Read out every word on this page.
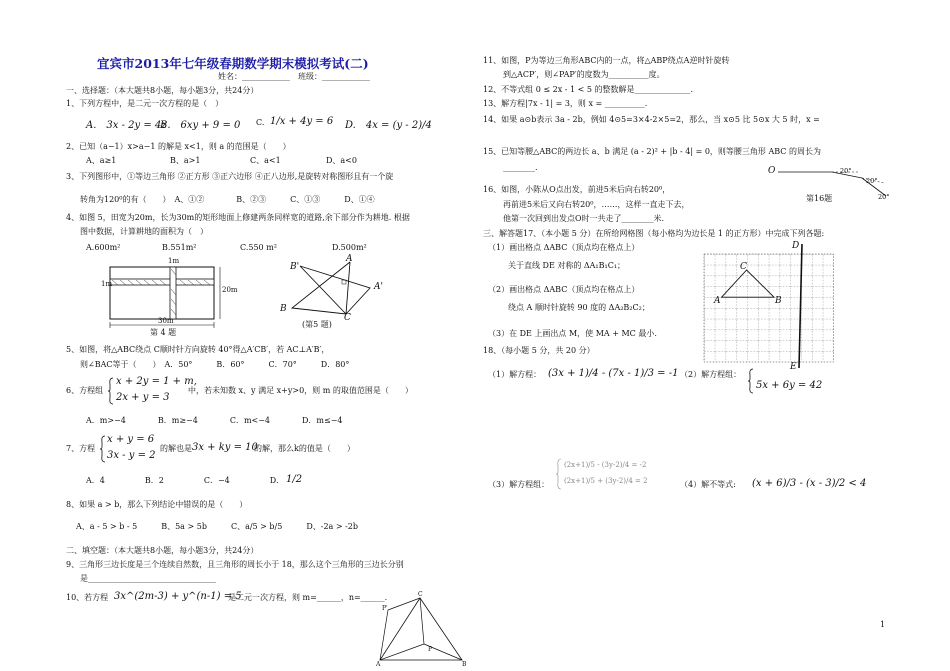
宜宾市2013年七年级春期数学期末模拟考试(二)
姓名：____________　班级：____________
一、选择题：（本大题共8小题，每小题3分，共24分）
1、下列方程中，是二元一次方程的是（　）
A.　3x - 2y = 4z
B.　6xy + 9 = 0 C. 1/x + 4y = 6 D.　4x = (y - 2)/4
2、已知（a−1）x>a−1 的解是 x<1，则 a 的范围是（　　）
A、a≥1	B、a>1	C、a<1	D、a<0
3、下列图形中，①等边三角形 ②正方形 ③正六边形 ④正八边形,是旋转对称图形且有一个旋
转角为120⁰的有（　　）　A、①②　　　　B、②③　　　C、①③　　　D、①④
4、如图 5，田宽为20m，长为30m的矩形地面上修建两条同样宽的道路,余下部分作为耕地. 根据
图中数据，计算耕地的面积为（　）
A.600m²	B.551m²	C.550 m²	D.500m²
1m
1m
20m
30m
第 4 题
B'
A
A'
B
C
(第5 题)
5、如图，将△ABC绕点 C顺时针方向旋转 40°得△A′CB′，若 AC⊥A′B′，
则∠BAC等于（　　）　A．50°　　　B．60°　　　C．70°　　　D．80°
6、方程组
x + 2y = 1 + m,
2x + y = 3
中，若未知数 x、y 满足 x+y>0，则 m 的取值范围是（　　）
A．m>−4　　　　B．m≥−4　　　　C．m<−4　　　　D．m≤−4
7、方程
x + y = 6
3x - y = 2
的解也是 3x + ky = 10
的解，那么k的值是（　　）
A．4　　　　　B．2　　　　　C．−4　　　　　D． 1/2
8、如果 a > b，那么下列结论中错误的是（　　）
A、a - 5 > b - 5　　　B、5a > 5b　　　C、a/5 > b/5　　　D、-2a > -2b
二、填空题：（本大题共8小题，每小题3分，共24分）
9、三角形三边长度是三个连续自然数，且三角形的周长小于 18，那么这个三角形的三边长分别
是________________________________
10、若方程 3x^(2m-3) + y^(n-1) = 5
是二元一次方程，则 m=______，n=______.
P'
C
P
A	B
11、如图，P为等边三角形ABC内的一点，将△ABP绕点A逆时针旋转
到△ACP′，则∠PAP′的度数为__________度。
12、不等式组 0 ≤ 2x - 1 < 5 的整数解是______________.
13、解方程|7x - 1| = 3，则 x = __________.
14、如果 a⊙b表示 3a - 2b，例如 4⊙5=3×4-2×5=2，那么，当 x⊙5 比 5⊙x 大 5 时，x =
15、已知等腰△ABC的两边长 a、b 满足 (a - 2)² + |b - 4| = 0，则等腰三角形 ABC 的周长为
________.
16、如图，小陈从O点出发，前进5米后向右转20⁰，
再前进5米后又向右转20⁰，……，这样一直走下去，
他第一次回到出发点O时一共走了________米.
O	20°
20°
20°
第16题
三、解答题17、（本小题 5 分）在所给网格图（每小格均为边长是 1 的正方形）中完成下列各题:
（1）画出格点 ΔABC（顶点均在格点上）
关于直线 DE 对称的 ΔA₁B₁C₁；
（2）画出格点 ΔABC（顶点均在格点上）
绕点 A 顺时针旋转 90 度的 ΔA₂B₂C₂；
（3）在 DE 上画出点 M，使 MA + MC 最小.
D
C
A	B
E
18、（每小题 5 分，共 20 分）
（1）解方程： (3x + 1)/4 - (7x - 1)/3 = -1 （2）解方程组：
5x + 6y = 42
（3）解方程组：
(2x+1)/5 - (3y-2)/4 = -2
(2x+1)/5 + (3y-2)/4 = 2	（4）解不等式: (x + 6)/3 - (x - 3)/2 < 4
1
